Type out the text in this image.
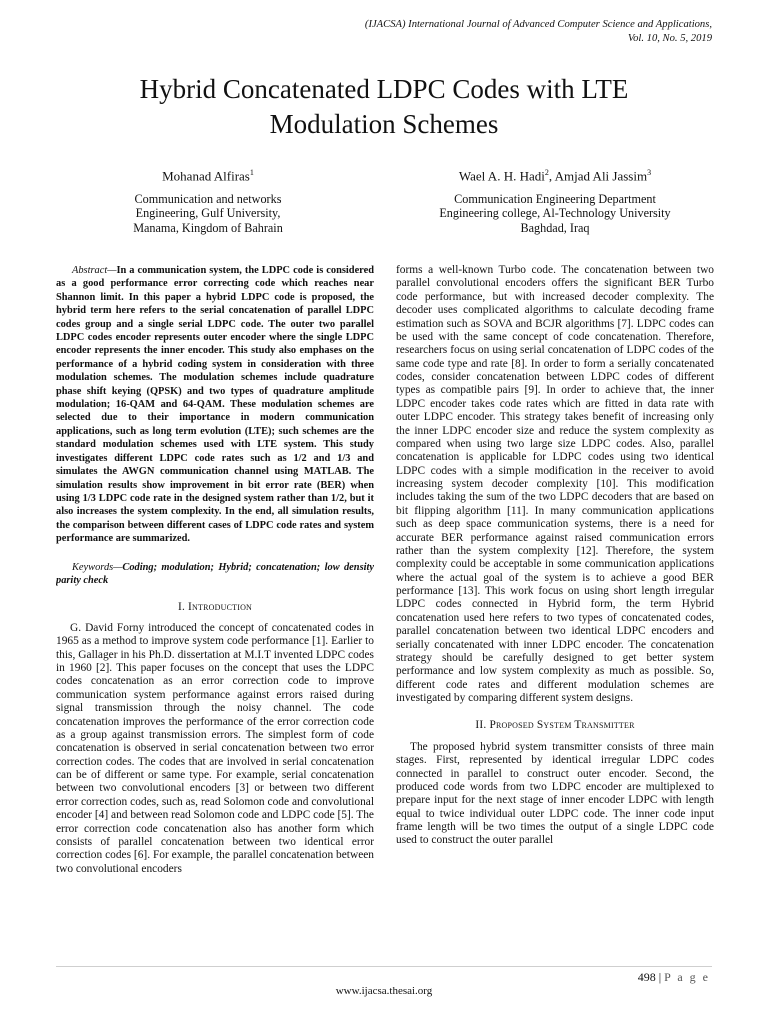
(IJACSA) International Journal of Advanced Computer Science and Applications,
Vol. 10, No. 5, 2019
Hybrid Concatenated LDPC Codes with LTE
Modulation Schemes
Mohanad Alfiras$^1$
Communication and networks
Engineering, Gulf University,
Manama, Kingdom of Bahrain
Wael A. H. Hadi$^2$, Amjad Ali Jassim$^3$
Communication Engineering Department
Engineering college, Al-Technology University
Baghdad, Iraq

Abstract—In a communication system, the LDPC code is considered as a good performance error correcting code which reaches near Shannon limit. In this paper a hybrid LDPC code is proposed, the hybrid term here refers to the serial concatenation of parallel LDPC codes group and a single serial LDPC code. The outer two parallel LDPC codes encoder represents outer encoder where the single LDPC encoder represents the inner encoder. This study also emphases on the performance of a hybrid coding system in consideration with three modulation schemes. The modulation schemes include quadrature phase shift keying (QPSK) and two types of quadrature amplitude modulation; 16-QAM and 64-QAM. These modulation schemes are selected due to their importance in modern communication applications, such as long term evolution (LTE); such schemes are the standard modulation schemes used with LTE system. This study investigates different LDPC code rates such as 1/2 and 1/3 and simulates the AWGN communication channel using MATLAB. The simulation results show improvement in bit error rate (BER) when using 1/3 LDPC code rate in the designed system rather than 1/2, but it also increases the system complexity. In the end, all simulation results, the comparison between different cases of LDPC code rates and system performance are summarized.

Keywords—Coding; modulation; Hybrid; concatenation; low density parity check

I. Introduction

G. David Forny introduced the concept of concatenated codes in 1965 as a method to improve system code performance [1]. Earlier to this, Gallager in his Ph.D. dissertation at M.I.T invented LDPC codes in 1960 [2]. This paper focuses on the concept that uses the LDPC codes concatenation as an error correction code to improve communication system performance against errors raised during signal transmission through the noisy channel. The code concatenation improves the performance of the error correction code as a group against transmission errors. The simplest form of code concatenation is observed in serial concatenation between two error correction codes. The codes that are involved in serial concatenation can be of different or same type. For example, serial concatenation between two convolutional encoders [3] or between two different error correction codes, such as, read Solomon code and convolutional encoder [4] and between read Solomon code and LDPC code [5]. The error correction code concatenation also has another form which consists of parallel concatenation between two identical error correction codes [6]. For example, the parallel concatenation between two convolutional encoders

forms a well-known Turbo code. The concatenation between two parallel convolutional encoders offers the significant BER Turbo code performance, but with increased decoder complexity. The decoder uses complicated algorithms to calculate decoding frame estimation such as SOVA and BCJR algorithms [7]. LDPC codes can be used with the same concept of code concatenation. Therefore, researchers focus on using serial concatenation of LDPC codes of the same code type and rate [8]. In order to form a serially concatenated codes, consider concatenation between LDPC codes of different types as compatible pairs [9]. In order to achieve that, the inner LDPC encoder takes code rates which are fitted in data rate with outer LDPC encoder. This strategy takes benefit of increasing only the inner LDPC encoder size and reduce the system complexity as compared when using two large size LDPC codes. Also, parallel concatenation is applicable for LDPC codes using two identical LDPC codes with a simple modification in the receiver to avoid increasing system decoder complexity [10]. This modification includes taking the sum of the two LDPC decoders that are based on bit flipping algorithm [11]. In many communication applications such as deep space communication systems, there is a need for accurate BER performance against raised communication errors rather than the system complexity [12]. Therefore, the system complexity could be acceptable in some communication applications where the actual goal of the system is to achieve a good BER performance [13]. This work focus on using short length irregular LDPC codes connected in Hybrid form, the term Hybrid concatenation used here refers to two types of concatenated codes, parallel concatenation between two identical LDPC encoders and serially concatenated with inner LDPC encoder. The concatenation strategy should be carefully designed to get better system performance and low system complexity as much as possible. So, different code rates and different modulation schemes are investigated by comparing different system designs.

II. Proposed System Transmitter

The proposed hybrid system transmitter consists of three main stages. First, represented by identical irregular LDPC codes connected in parallel to construct outer encoder. Second, the produced code words from two LDPC encoder are multiplexed to prepare input for the next stage of inner encoder LDPC with length equal to twice individual outer LDPC code. The inner code input frame length will be two times the output of a single LDPC code used to construct the outer parallel

498 | P a g e
www.ijacsa.thesai.org
